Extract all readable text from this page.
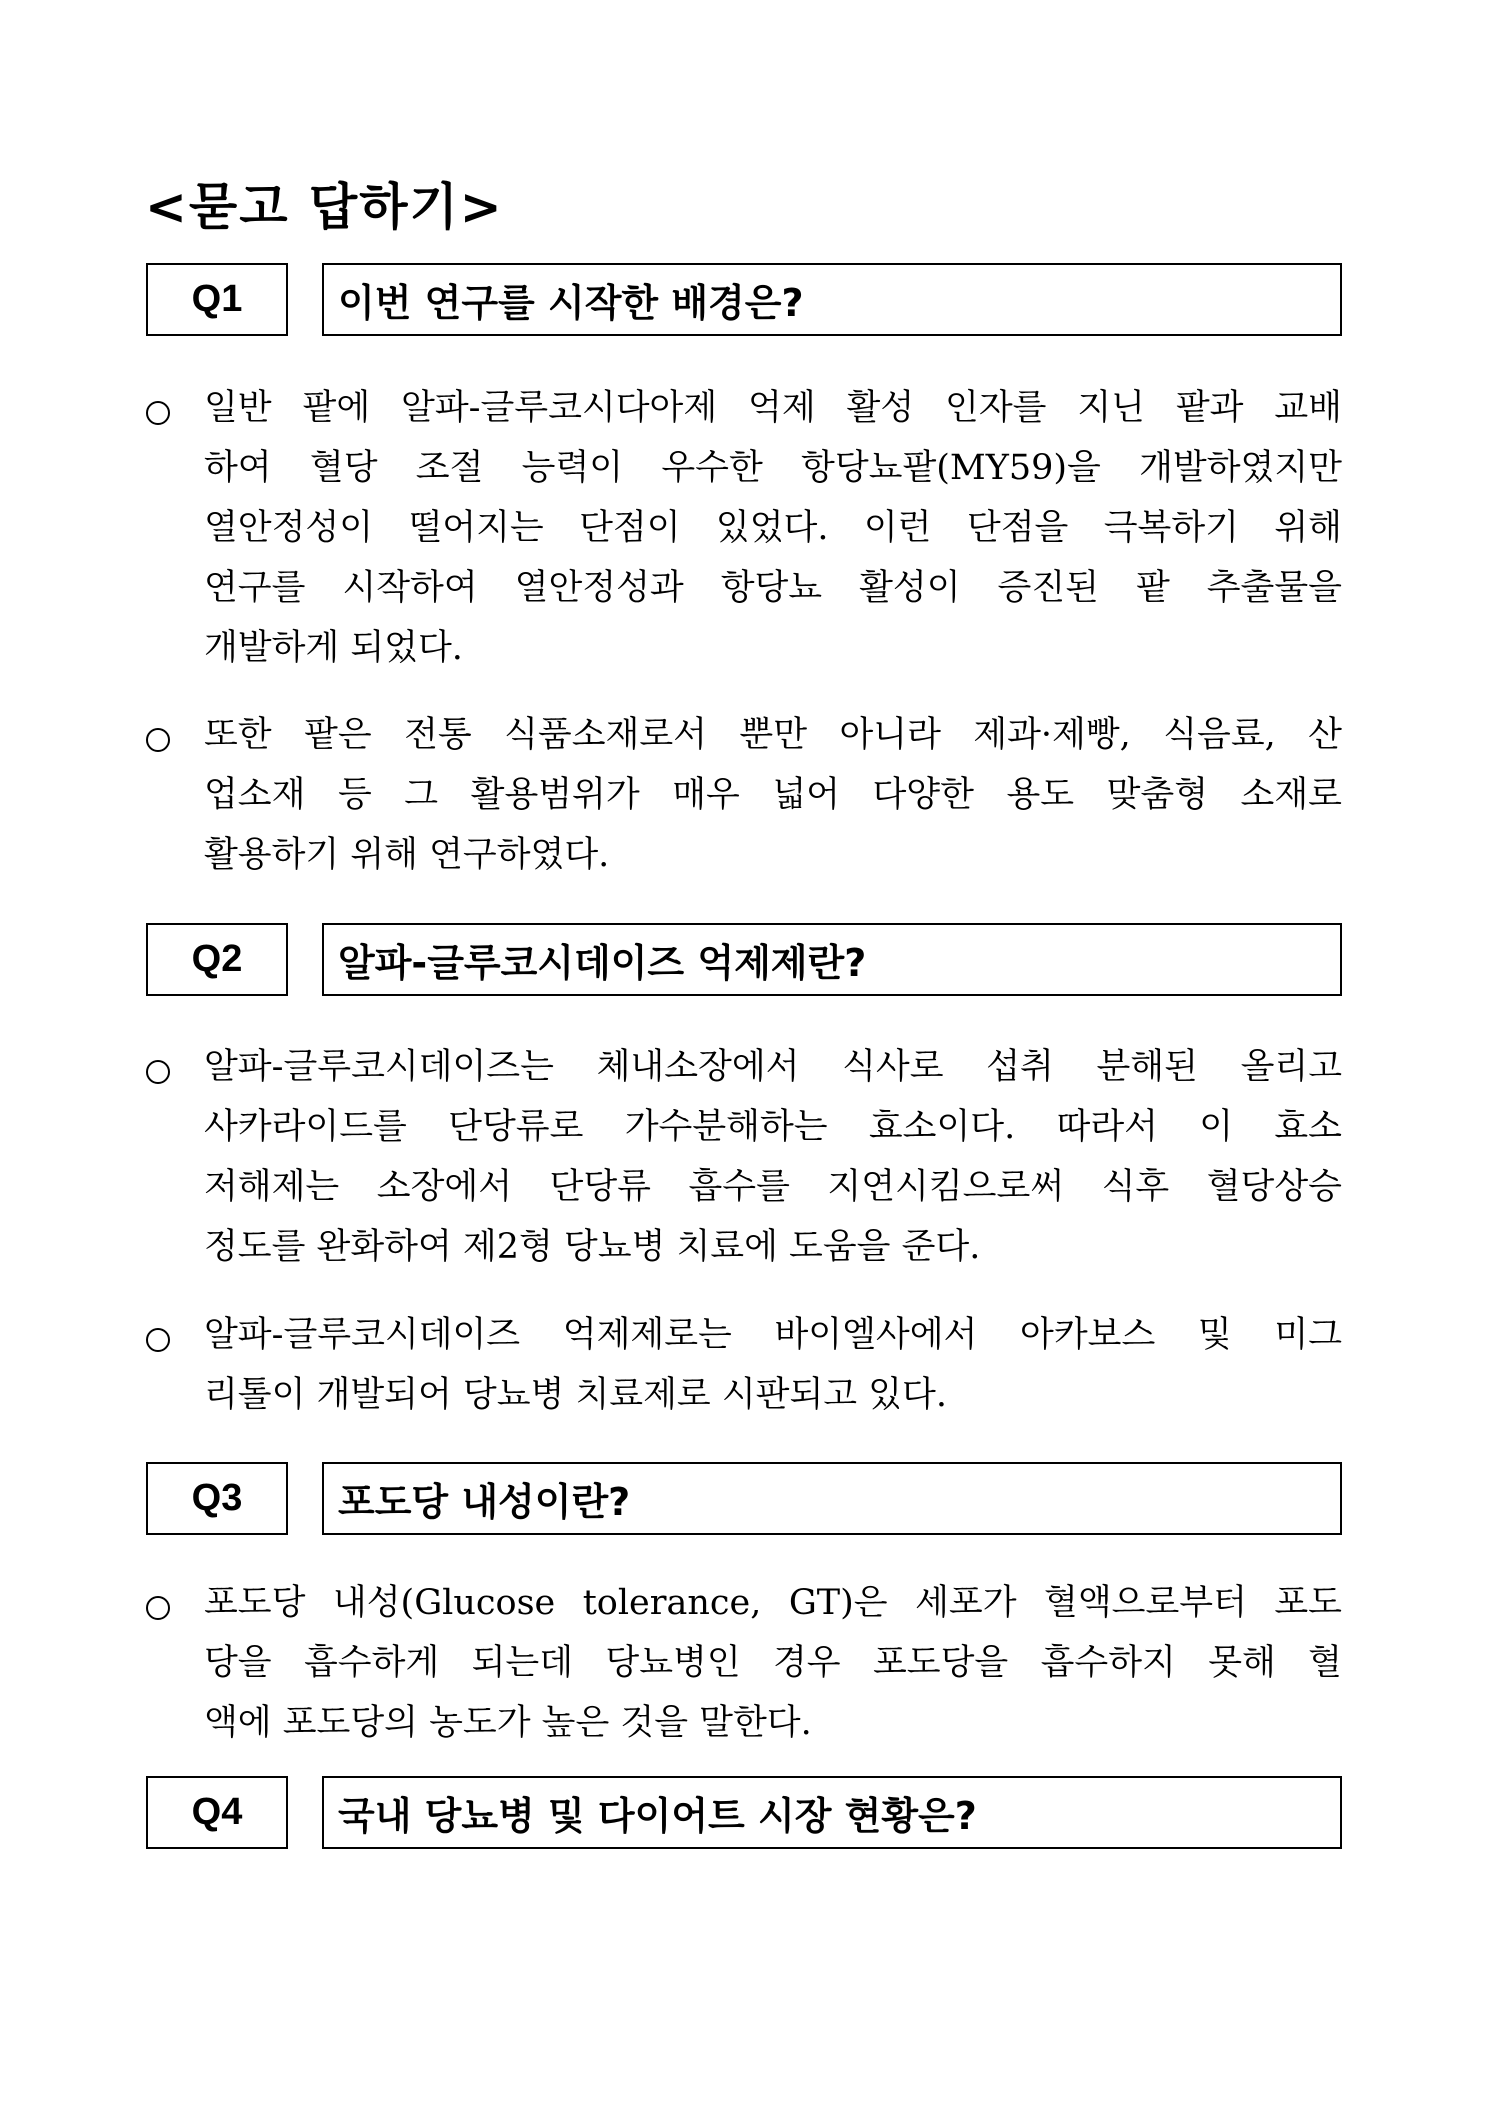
<묻고 답하기>
Q1	이번 연구를 시작한 배경은?
일반 팥에 알파-글루코시다아제 억제 활성 인자를 지닌 팥과 교배
하여 혈당 조절 능력이 우수한 항당뇨팥(MY59)을 개발하였지만
열안정성이 떨어지는 단점이 있었다. 이런 단점을 극복하기 위해
연구를 시작하여 열안정성과 항당뇨 활성이 증진된 팥 추출물을
개발하게 되었다.
또한 팥은 전통 식품소재로서 뿐만 아니라 제과·제빵, 식음료, 산
업소재 등 그 활용범위가 매우 넓어 다양한 용도 맞춤형 소재로
활용하기 위해 연구하였다.
Q2	알파-글루코시데이즈 억제제란?
알파-글루코시데이즈는 체내소장에서 식사로 섭취 분해된 올리고
사카라이드를 단당류로 가수분해하는 효소이다. 따라서 이 효소
저해제는 소장에서 단당류 흡수를 지연시킴으로써 식후 혈당상승
정도를 완화하여 제2형 당뇨병 치료에 도움을 준다.
알파-글루코시데이즈 억제제로는 바이엘사에서 아카보스 및 미그
리톨이 개발되어 당뇨병 치료제로 시판되고 있다.
Q3	포도당 내성이란?
포도당 내성(Glucose tolerance, GT)은 세포가 혈액으로부터 포도
당을 흡수하게 되는데 당뇨병인 경우 포도당을 흡수하지 못해 혈
액에 포도당의 농도가 높은 것을 말한다.
Q4	국내 당뇨병 및 다이어트 시장 현황은?
